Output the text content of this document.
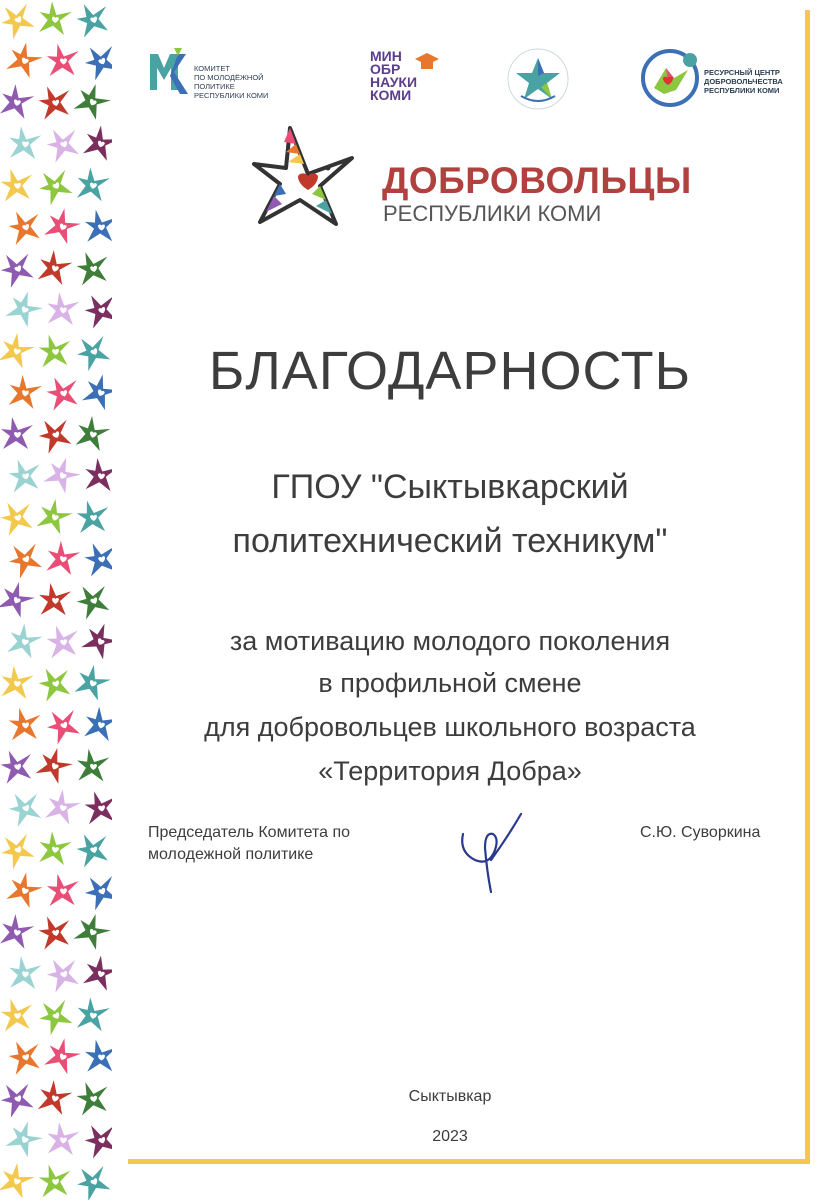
КОМИТЕТ
ПО МОЛОДЁЖНОЙ ПОЛИТИКЕ
РЕСПУБЛИКИ КОМИ
МИН
ОБР
НАУКИ
КОМИ
РЕСУРСНЫЙ ЦЕНТР
ДОБРОВОЛЬЧЕСТВА
РЕСПУБЛИКИ КОМИ
ДОБРОВОЛЬЦЫ
РЕСПУБЛИКИ КОМИ
БЛАГОДАРНОСТЬ
ГПОУ "Сыктывкарский
политехнический техникум"
за мотивацию молодого поколения
в профильной смене
для добровольцев школьного возраста
«Территория Добра»
Председатель Комитета по
молодежной политике
С.Ю. Суворкина
Сыктывкар
2023
